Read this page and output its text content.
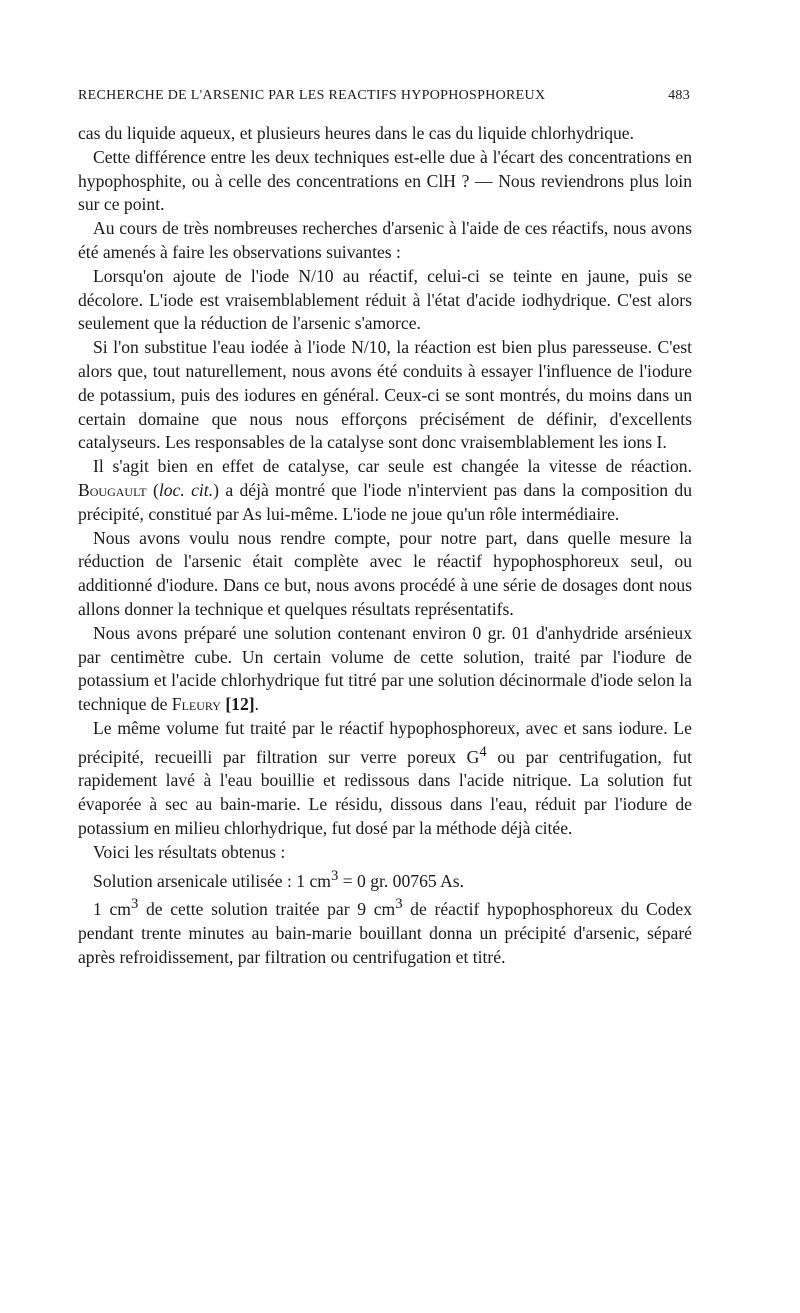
RECHERCHE DE L'ARSENIC PAR LES REACTIFS HYPOPHOSPHOREUX	483

cas du liquide aqueux, et plusieurs heures dans le cas du liquide chlorhydrique.

Cette différence entre les deux techniques est-elle due à l'écart des concentrations en hypophosphite, ou à celle des concentrations en ClH ? — Nous reviendrons plus loin sur ce point.

Au cours de très nombreuses recherches d'arsenic à l'aide de ces réactifs, nous avons été amenés à faire les observations suivantes :

Lorsqu'on ajoute de l'iode N/10 au réactif, celui-ci se teinte en jaune, puis se décolore. L'iode est vraisemblablement réduit à l'état d'acide iodhydrique. C'est alors seulement que la réduction de l'arsenic s'amorce.

Si l'on substitue l'eau iodée à l'iode N/10, la réaction est bien plus paresseuse. C'est alors que, tout naturellement, nous avons été conduits à essayer l'influence de l'iodure de potassium, puis des iodures en général. Ceux-ci se sont montrés, du moins dans un certain domaine que nous nous efforçons précisément de définir, d'excellents catalyseurs. Les responsables de la catalyse sont donc vraisemblablement les ions I.

Il s'agit bien en effet de catalyse, car seule est changée la vitesse de réaction. Bougault (loc. cit.) a déjà montré que l'iode n'intervient pas dans la composition du précipité, constitué par As lui-même. L'iode ne joue qu'un rôle intermédiaire.

Nous avons voulu nous rendre compte, pour notre part, dans quelle mesure la réduction de l'arsenic était complète avec le réactif hypophosphoreux seul, ou additionné d'iodure. Dans ce but, nous avons procédé à une série de dosages dont nous allons donner la technique et quelques résultats représentatifs.

Nous avons préparé une solution contenant environ 0 gr. 01 d'anhydride arsénieux par centimètre cube. Un certain volume de cette solution, traité par l'iodure de potassium et l'acide chlorhydrique fut titré par une solution décinormale d'iode selon la technique de Fleury [12].

Le même volume fut traité par le réactif hypophosphoreux, avec et sans iodure. Le précipité, recueilli par filtration sur verre poreux $G^4$ ou par centrifugation, fut rapidement lavé à l'eau bouillie et redissous dans l'acide nitrique. La solution fut évaporée à sec au bain-marie. Le résidu, dissous dans l'eau, réduit par l'iodure de potassium en milieu chlorhydrique, fut dosé par la méthode déjà citée.

Voici les résultats obtenus :

Solution arsenicale utilisée : 1 $cm^3 = 0$ gr. 00765 As.

1 $cm^3$ de cette solution traitée par 9 $cm^3$ de réactif hypophosphoreux du Codex pendant trente minutes au bain-marie bouillant donna un précipité d'arsenic, séparé après refroidissement, par filtration ou centrifugation et titré.
